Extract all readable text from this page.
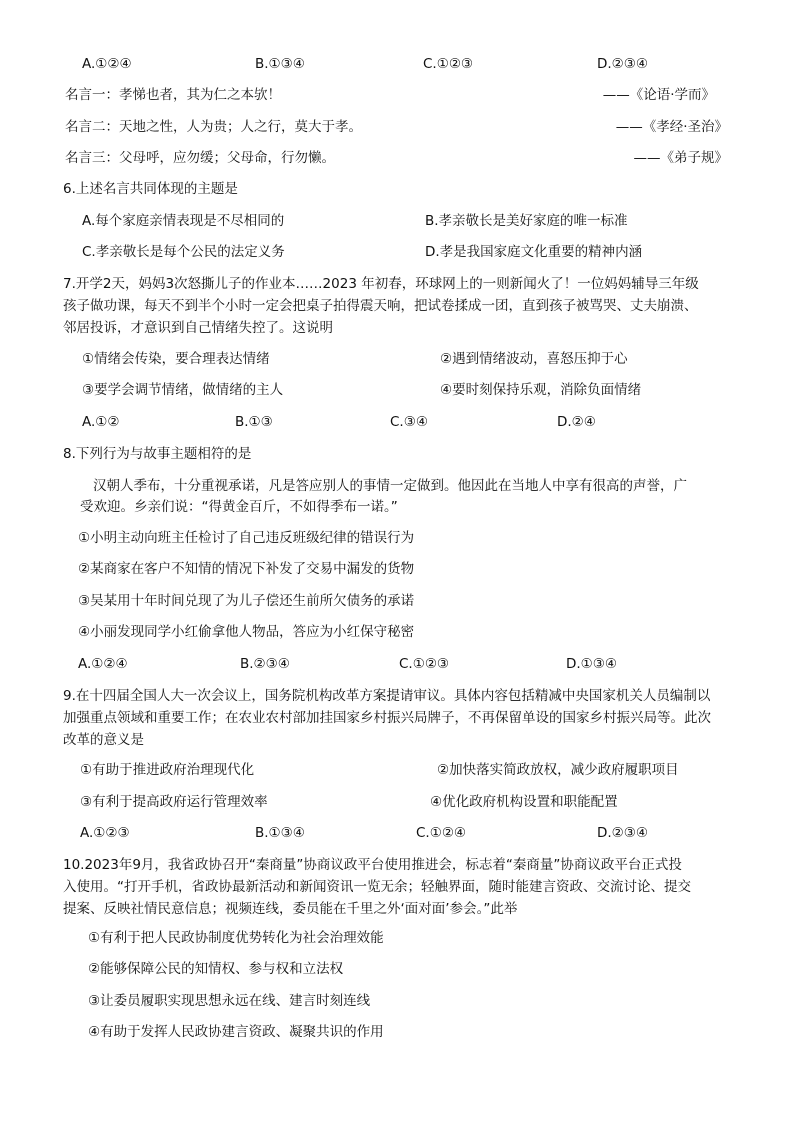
A.①②④	B.①③④	C.①②③	D.②③④
名言一：孝悌也者，其为仁之本欤！	——《论语·学而》
名言二：天地之性，人为贵；人之行，莫大于孝。	——《孝经·圣治》
名言三：父母呼，应勿缓；父母命，行勿懒。	——《弟子规》
6.上述名言共同体现的主题是
A.每个家庭亲情表现是不尽相同的	B.孝亲敬长是美好家庭的唯一标准
C.孝亲敬长是每个公民的法定义务	D.孝是我国家庭文化重要的精神内涵
7.开学2天，妈妈3次怒撕儿子的作业本……2023 年初春，环球网上的一则新闻火了！一位妈妈辅导三年级
孩子做功课，每天不到半个小时一定会把桌子拍得震天响，把试卷揉成一团，直到孩子被骂哭、丈夫崩溃、
邻居投诉，才意识到自己情绪失控了。这说明
①情绪会传染，要合理表达情绪	②遇到情绪波动，喜怒压抑于心
③要学会调节情绪，做情绪的主人	④要时刻保持乐观，消除负面情绪
A.①②	B.①③	C.③④	D.②④
8.下列行为与故事主题相符的是
汉朝人季布，十分重视承诺，凡是答应别人的事情一定做到。他因此在当地人中享有很高的声誉，广
受欢迎。乡亲们说：“得黄金百斤，不如得季布一诺。”
①小明主动向班主任检讨了自己违反班级纪律的错误行为
②某商家在客户不知情的情况下补发了交易中漏发的货物
③吴某用十年时间兑现了为儿子偿还生前所欠债务的承诺
④小丽发现同学小红偷拿他人物品，答应为小红保守秘密
A.①②④	B.②③④	C.①②③	D.①③④
9.在十四届全国人大一次会议上，国务院机构改革方案提请审议。具体内容包括精减中央国家机关人员编制以
加强重点领域和重要工作；在农业农村部加挂国家乡村振兴局牌子，不再保留单设的国家乡村振兴局等。此次
改革的意义是
①有助于推进政府治理现代化	②加快落实简政放权，减少政府履职项目
③有利于提高政府运行管理效率	④优化政府机构设置和职能配置
A.①②③	B.①③④	C.①②④	D.②③④
10.2023年9月，我省政协召开“秦商量”协商议政平台使用推进会，标志着“秦商量”协商议政平台正式投
入使用。“打开手机，省政协最新活动和新闻资讯一览无余；轻触界面，随时能建言资政、交流讨论、提交
提案、反映社情民意信息；视频连线，委员能在千里之外‘面对面’参会。”此举
①有利于把人民政协制度优势转化为社会治理效能
②能够保障公民的知情权、参与权和立法权
③让委员履职实现思想永远在线、建言时刻连线
④有助于发挥人民政协建言资政、凝聚共识的作用
